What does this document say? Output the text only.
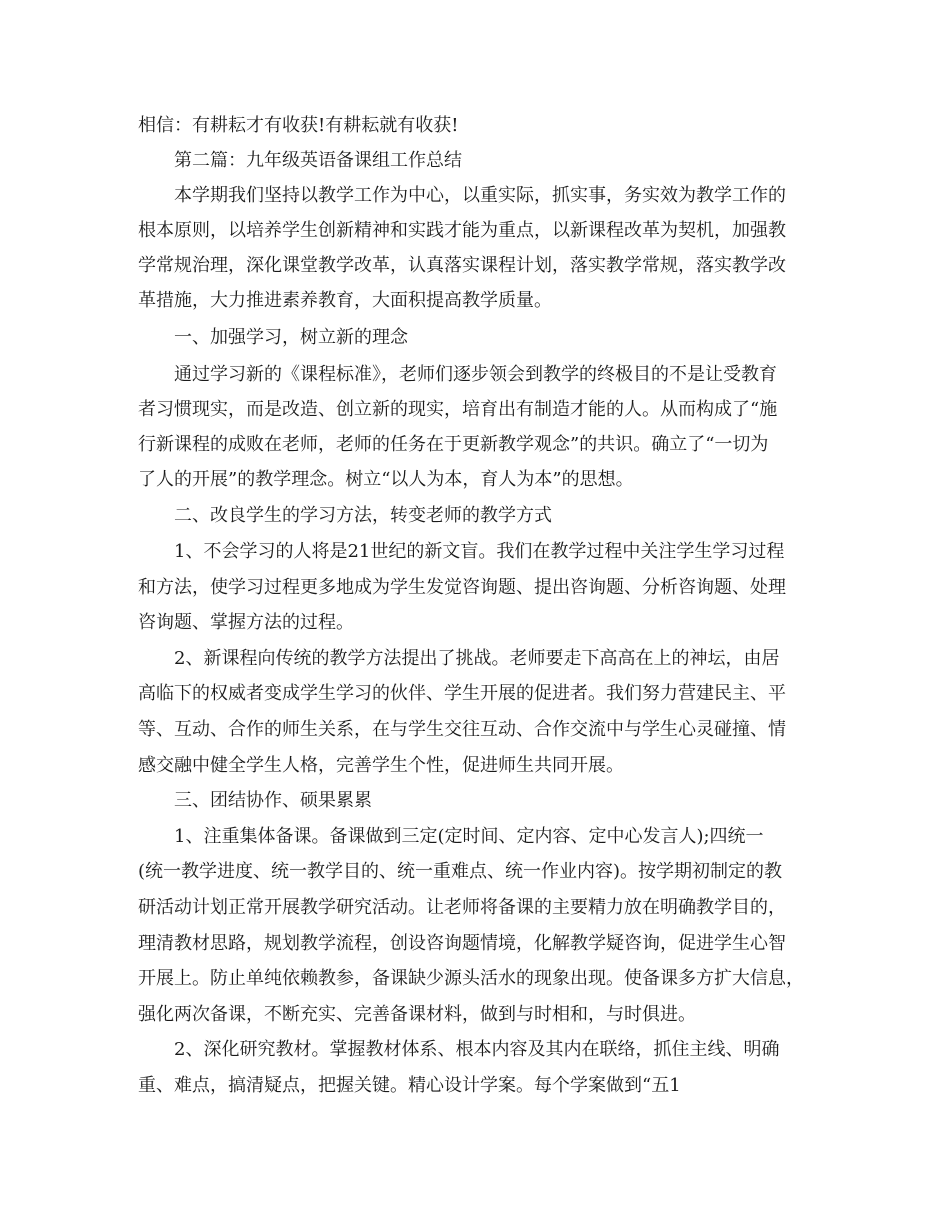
相信：有耕耘才有收获!有耕耘就有收获!
第二篇：九年级英语备课组工作总结
本学期我们坚持以教学工作为中心，以重实际，抓实事，务实效为教学工作的
根本原则，以培养学生创新精神和实践才能为重点，以新课程改革为契机，加强教
学常规治理，深化课堂教学改革，认真落实课程计划，落实教学常规，落实教学改
革措施，大力推进素养教育，大面积提高教学质量。
一、加强学习，树立新的理念
通过学习新的《课程标准》，老师们逐步领会到教学的终极目的不是让受教育
者习惯现实，而是改造、创立新的现实，培育出有制造才能的人。从而构成了“施
行新课程的成败在老师，老师的任务在于更新教学观念”的共识。确立了“一切为
了人的开展”的教学理念。树立“以人为本，育人为本”的思想。
二、改良学生的学习方法，转变老师的教学方式
1、不会学习的人将是21世纪的新文盲。我们在教学过程中关注学生学习过程
和方法，使学习过程更多地成为学生发觉咨询题、提出咨询题、分析咨询题、处理
咨询题、掌握方法的过程。
2、新课程向传统的教学方法提出了挑战。老师要走下高高在上的神坛，由居
高临下的权威者变成学生学习的伙伴、学生开展的促进者。我们努力营建民主、平
等、互动、合作的师生关系，在与学生交往互动、合作交流中与学生心灵碰撞、情
感交融中健全学生人格，完善学生个性，促进师生共同开展。
三、团结协作、硕果累累
1、注重集体备课。备课做到三定(定时间、定内容、定中心发言人);四统一
(统一教学进度、统一教学目的、统一重难点、统一作业内容)。按学期初制定的教
研活动计划正常开展教学研究活动。让老师将备课的主要精力放在明确教学目的，
理清教材思路，规划教学流程，创设咨询题情境，化解教学疑咨询，促进学生心智
开展上。防止单纯依赖教参，备课缺少源头活水的现象出现。使备课多方扩大信息，
强化两次备课，不断充实、完善备课材料，做到与时相和，与时俱进。
2、深化研究教材。掌握教材体系、根本内容及其内在联络，抓住主线、明确
重、难点，搞清疑点，把握关键。精心设计学案。每个学案做到“五1
